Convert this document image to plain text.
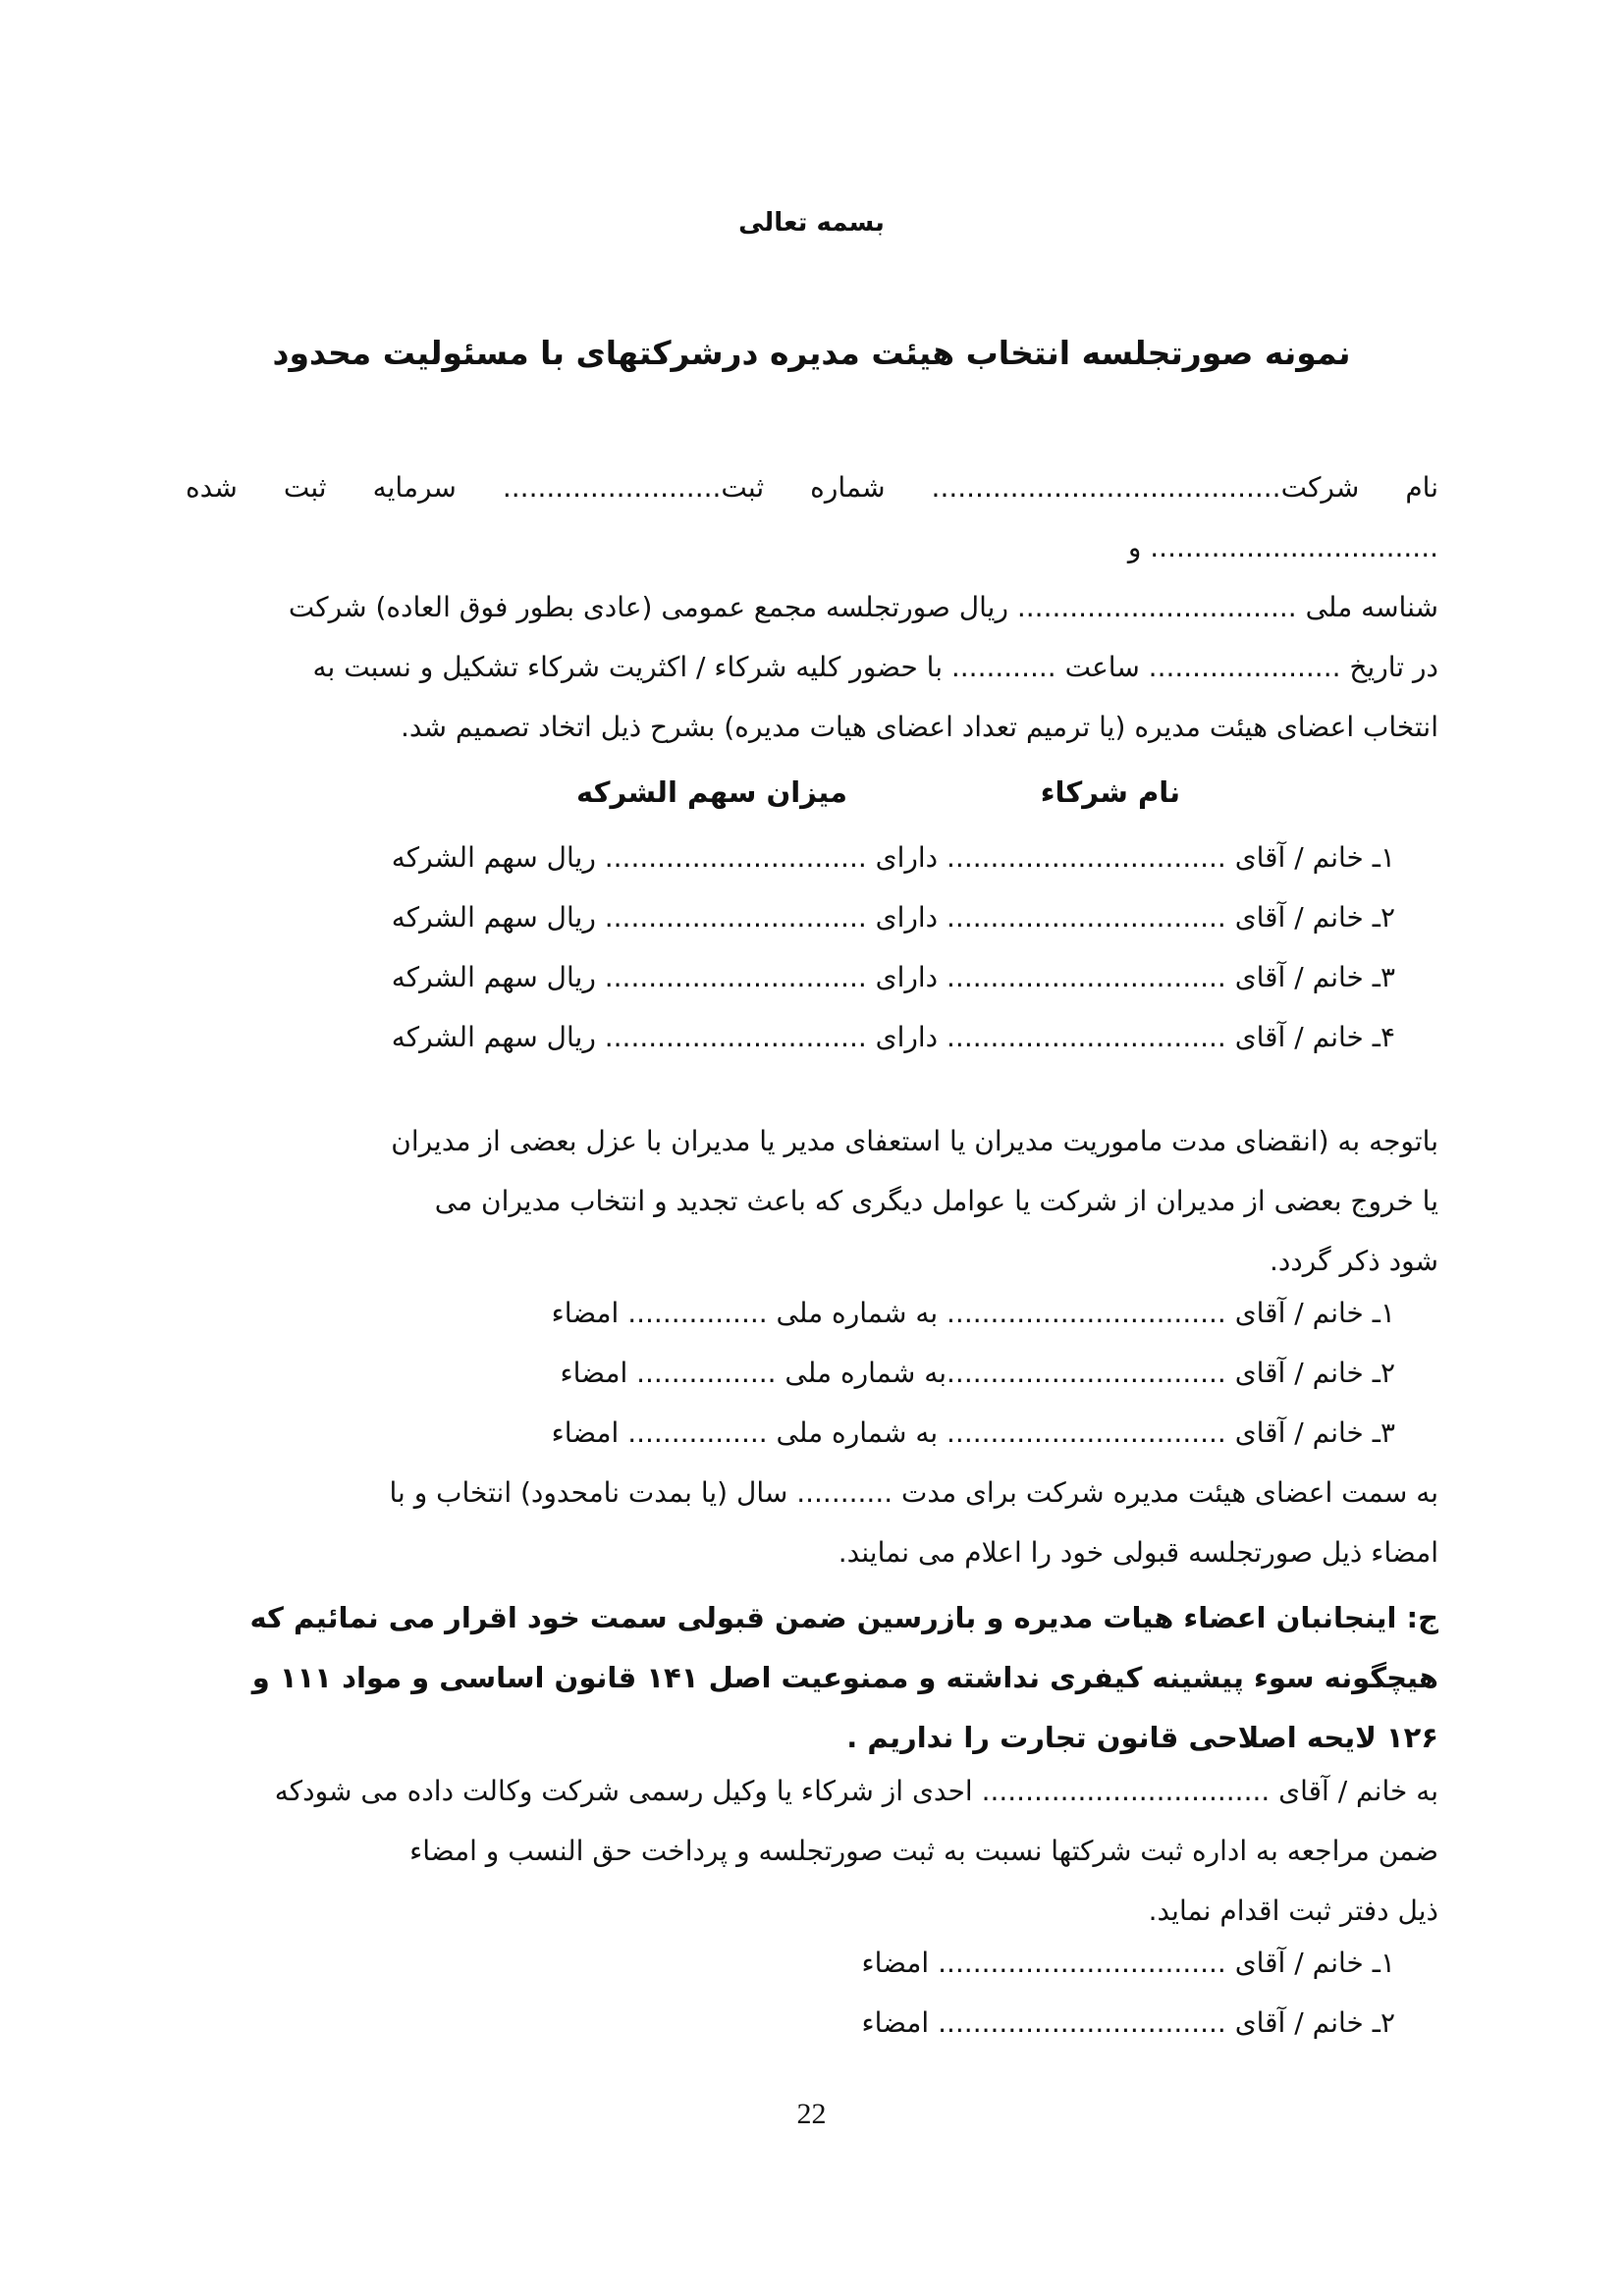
بسمه تعالی
نمونه صورتجلسه انتخاب هیئت مدیره درشرکتهای با مسئولیت محدود
نام شرکت........................................ شماره ثبت......................... سرمایه ثبت شده ................................. و
شناسه ملی ................................ ریال صورتجلسه مجمع عمومی (عادی بطور فوق العاده) شرکت
در تاریخ ...................... ساعت ............ با حضور کلیه شرکاء / اکثریت شرکاء تشکیل و نسبت به
انتخاب اعضای هیئت مدیره (یا ترمیم تعداد اعضای هیات مدیره) بشرح ذیل اتخاد تصمیم شد.
نام شرکاء
میزان سهم الشرکه
۱ـ خانم / آقای ................................ دارای .............................. ریال سهم الشرکه
۲ـ خانم / آقای ................................ دارای .............................. ریال سهم الشرکه
۳ـ خانم / آقای ................................ دارای .............................. ریال سهم الشرکه
۴ـ خانم / آقای ................................ دارای .............................. ریال سهم الشرکه
باتوجه به (انقضای مدت ماموریت مدیران یا استعفای مدیر یا مدیران با عزل بعضی از مدیران
یا خروج بعضی از مدیران از شرکت یا عوامل دیگری که باعث تجدید و انتخاب مدیران می
شود ذکر گردد.
۱ـ خانم / آقای ................................ به شماره ملی ................ امضاء
۲ـ خانم / آقای ................................به شماره ملی ................ امضاء
۳ـ خانم / آقای ................................ به شماره ملی ................ امضاء
به سمت اعضای هیئت مدیره شرکت برای مدت ........... سال (یا بمدت نامحدود) انتخاب و با
امضاء ذیل صورتجلسه قبولی خود را اعلام می نمایند.
ج: اینجانبان اعضاء هیات مدیره و بازرسین ضمن قبولی سمت خود اقرار می نمائیم که
هیچگونه سوء پیشینه کیفری نداشته و ممنوعیت اصل ۱۴۱ قانون اساسی و مواد ۱۱۱ و
۱۲۶ لایحه اصلاحی قانون تجارت را نداریم .
به خانم / آقای ................................. احدی از شرکاء یا وکیل رسمی شرکت وکالت داده می شودکه
ضمن مراجعه به اداره ثبت شرکتها نسبت به ثبت صورتجلسه و پرداخت حق النسب و امضاء
ذیل دفتر ثبت اقدام نماید.
۱ـ خانم / آقای ................................. امضاء
۲ـ خانم / آقای ................................. امضاء
22
